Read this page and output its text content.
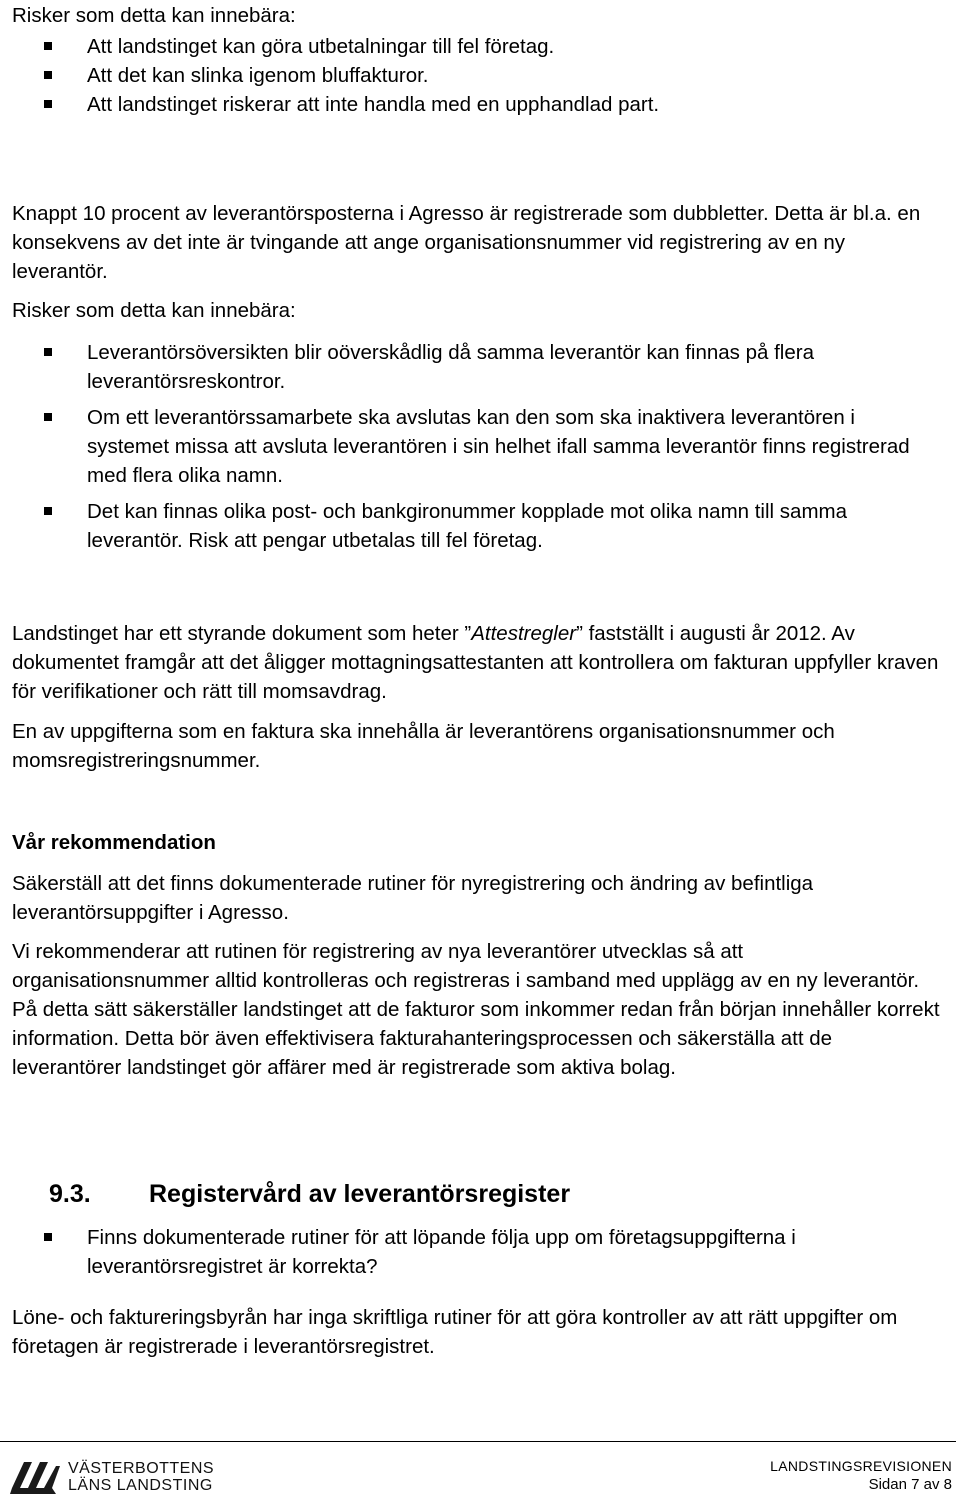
Risker som detta kan innebära:

Att landstinget kan göra utbetalningar till fel företag.
Att det kan slinka igenom bluffakturor.
Att landstinget riskerar att inte handla med en upphandlad part.

Knappt 10 procent av leverantörsposterna i Agresso är registrerade som dubbletter. Detta är bl.a. en konsekvens av det inte är tvingande att ange organisationsnummer vid registrering av en ny leverantör.

Risker som detta kan innebära:

Leverantörsöversikten blir oöverskådlig då samma leverantör kan finnas på flera leverantörsreskontror.
Om ett leverantörssamarbete ska avslutas kan den som ska inaktivera leverantören i systemet missa att avsluta leverantören i sin helhet ifall samma leverantör finns registrerad med flera olika namn.
Det kan finnas olika post- och bankgironummer kopplade mot olika namn till samma leverantör. Risk att pengar utbetalas till fel företag.

Landstinget har ett styrande dokument som heter ”Attestregler” fastställt i augusti år 2012. Av dokumentet framgår att det åligger mottagningsattestanten att kontrollera om fakturan uppfyller kraven för verifikationer och rätt till momsavdrag.

En av uppgifterna som en faktura ska innehålla är leverantörens organisationsnummer och momsregistreringsnummer.

Vår rekommendation

Säkerställ att det finns dokumenterade rutiner för nyregistrering och ändring av befintliga leverantörsuppgifter i Agresso.

Vi rekommenderar att rutinen för registrering av nya leverantörer utvecklas så att organisationsnummer alltid kontrolleras och registreras i samband med upplägg av en ny leverantör. På detta sätt säkerställer landstinget att de fakturor som inkommer redan från början innehåller korrekt information. Detta bör även effektivisera fakturahanteringsprocessen och säkerställa att de leverantörer landstinget gör affärer med är registrerade som aktiva bolag.

9.3. Registervård av leverantörsregister
Finns dokumenterade rutiner för att löpande följa upp om företagsuppgifterna i leverantörsregistret är korrekta?

Löne- och faktureringsbyrån har inga skriftliga rutiner för att göra kontroller av att rätt uppgifter om företagen är registrerade i leverantörsregistret.

VÄSTERBOTTENS
LÄNS LANDSTING
LANDSTINGSREVISIONEN
Sidan 7 av 8
